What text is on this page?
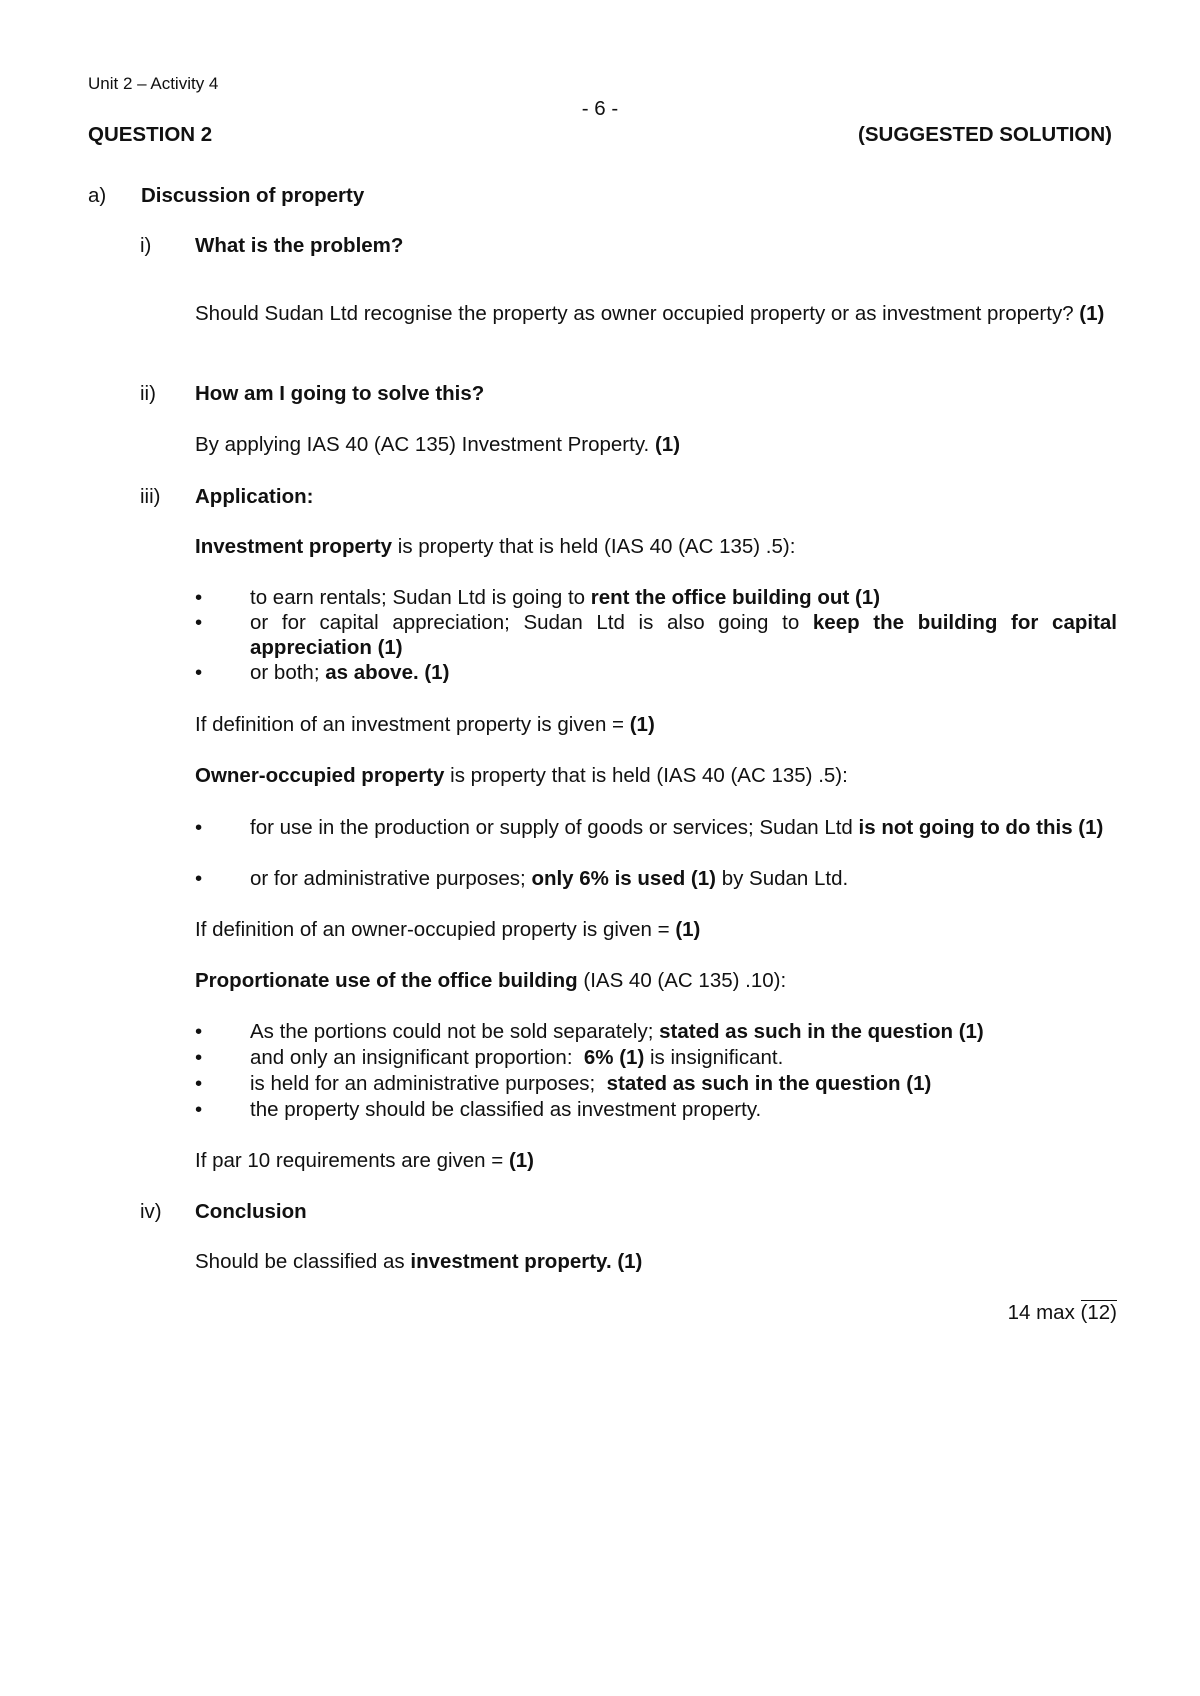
Unit 2 – Activity 4
- 6 -
QUESTION 2	(SUGGESTED SOLUTION)
a) Discussion of property
i) What is the problem?
Should Sudan Ltd recognise the property as owner occupied property or as investment property? (1)
ii) How am I going to solve this?
By applying IAS 40 (AC 135) Investment Property. (1)
iii) Application:
Investment property is property that is held (IAS 40 (AC 135) .5):
• to earn rentals; Sudan Ltd is going to rent the office building out (1)
• or for capital appreciation; Sudan Ltd is also going to keep the building for capital appreciation (1)
• or both; as above. (1)
If definition of an investment property is given = (1)
Owner-occupied property is property that is held (IAS 40 (AC 135) .5):
• for use in the production or supply of goods or services; Sudan Ltd is not going to do this (1)
• or for administrative purposes; only 6% is used (1) by Sudan Ltd.
If definition of an owner-occupied property is given = (1)
Proportionate use of the office building (IAS 40 (AC 135) .10):
• As the portions could not be sold separately; stated as such in the question (1)
• and only an insignificant proportion:  6% (1) is insignificant.
• is held for an administrative purposes;  stated as such in the question (1)
• the property should be classified as investment property.
If par 10 requirements are given = (1)
iv) Conclusion
Should be classified as investment property. (1)
14 max (12)
